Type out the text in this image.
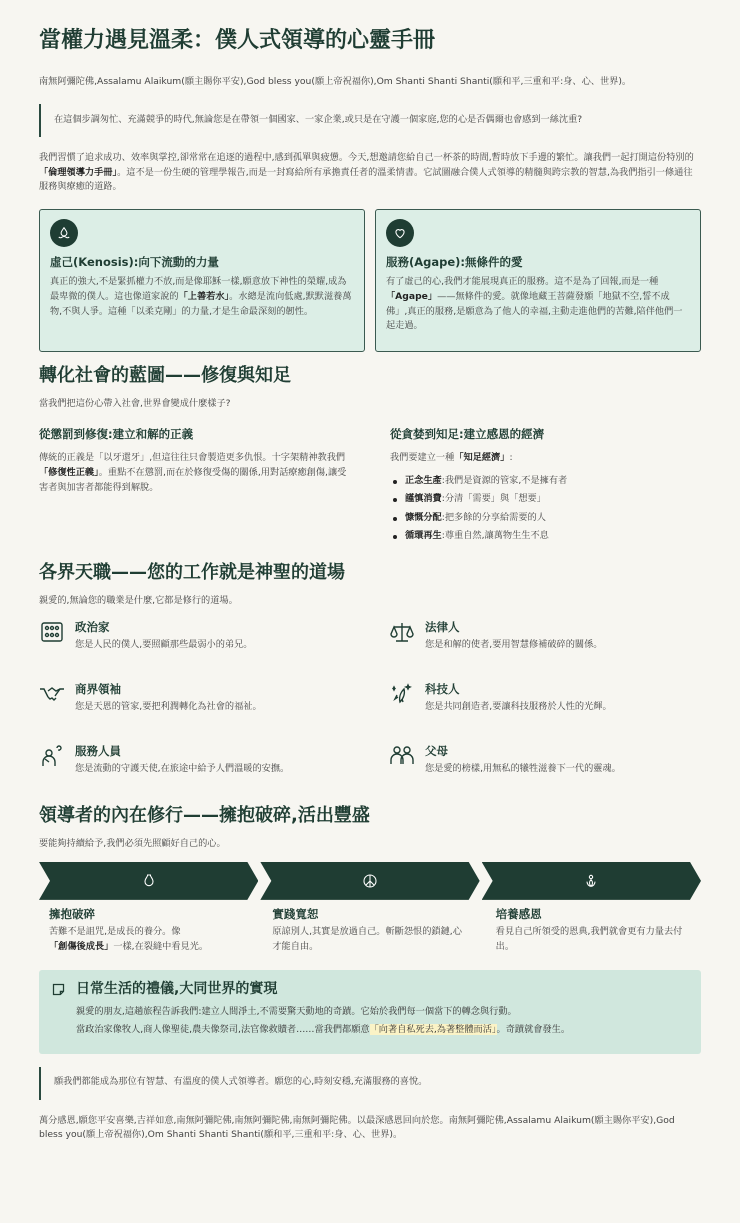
當權力遇見溫柔：僕人式領導的心靈手冊

南無阿彌陀佛,Assalamu Alaikum(願主賜你平安),God bless you(願上帝祝福你),Om Shanti Shanti Shanti(願和平,三重和平:身、心、世界)。

在這個步調匆忙、充滿競爭的時代,無論您是在帶領一個國家、一家企業,或只是在守護一個家庭,您的心是否偶爾也會感到一絲沈重?

我們習慣了追求成功、效率與掌控,卻常常在追逐的過程中,感到孤單與疲憊。今天,想邀請您給自己一杯茶的時間,暫時放下手邊的繁忙。讓我們一起打開這份特別的「倫理領導力手冊」。這不是一份生硬的管理學報告,而是一封寫給所有承擔責任者的溫柔情書。它試圖融合僕人式領導的精髓與跨宗教的智慧,為我們指引一條通往服務與療癒的道路。

虛己(Kenosis):向下流動的力量

真正的強大,不是緊抓權力不放,而是像耶穌一樣,願意放下神性的榮耀,成為最卑微的僕人。這也像道家說的「上善若水」。水總是流向低處,默默滋養萬物,不與人爭。這種「以柔克剛」的力量,才是生命最深刻的韌性。

服務(Agape):無條件的愛

有了虛己的心,我們才能展現真正的服務。這不是為了回報,而是一種「Agape」——無條件的愛。就像地藏王菩薩發願「地獄不空,誓不成佛」,真正的服務,是願意為了他人的幸福,主動走進他們的苦難,陪伴他們一起走過。

轉化社會的藍圖——修復與知足

當我們把這份心帶入社會,世界會變成什麼樣子?

從懲罰到修復:建立和解的正義

傳統的正義是「以牙還牙」,但這往往只會製造更多仇恨。十字架精神教我們「修復性正義」。重點不在懲罰,而在於修復受傷的關係,用對話療癒創傷,讓受害者與加害者都能得到解脫。

從貪婪到知足:建立感恩的經濟

我們要建立一種「知足經濟」:

正念生產:我們是資源的管家,不是擁有者
謹慎消費:分清「需要」與「想要」
慷慨分配:把多餘的分享給需要的人
循環再生:尊重自然,讓萬物生生不息
各界天職——您的工作就是神聖的道場

親愛的,無論您的職業是什麼,它都是修行的道場。

政治家

您是人民的僕人,要照顧那些最弱小的弟兄。

法律人

您是和解的使者,要用智慧修補破碎的關係。

商界領袖

您是天恩的管家,要把利潤轉化為社會的福祉。

科技人

您是共同創造者,要讓科技服務於人性的光輝。

服務人員

您是流動的守護天使,在旅途中給予人們溫暖的安撫。

父母

您是愛的榜樣,用無私的犧牲滋養下一代的靈魂。

領導者的內在修行——擁抱破碎,活出豐盛

要能夠持續給予,我們必須先照顧好自己的心。

擁抱破碎

苦難不是詛咒,是成長的養分。像
「創傷後成長」一樣,在裂縫中看見光。

實踐寬恕

原諒別人,其實是放過自己。斬斷怨恨的鎖鏈,心才能自由。

培養感恩

看見自己所領受的恩典,我們就會更有力量去付出。

日常生活的禮儀,大同世界的實現

親愛的朋友,這趟旅程告訴我們:建立人間淨土,不需要驚天動地的奇蹟。它始於我們每一個當下的轉念與行動。

當政治家像牧人,商人像聖徒,農夫像祭司,法官像救贖者……當我們都願意「向著自私死去,為著整體而活」。奇蹟就會發生。

願我們都能成為那位有智慧、有溫度的僕人式領導者。願您的心,時刻安穩,充滿服務的喜悅。

萬分感恩,願您平安喜樂,吉祥如意,南無阿彌陀佛,南無阿彌陀佛,南無阿彌陀佛。以最深感恩回向於您。南無阿彌陀佛,Assalamu Alaikum(願主賜你平安),God bless you(願上帝祝福你),Om Shanti Shanti Shanti(願和平,三重和平:身、心、世界)。
